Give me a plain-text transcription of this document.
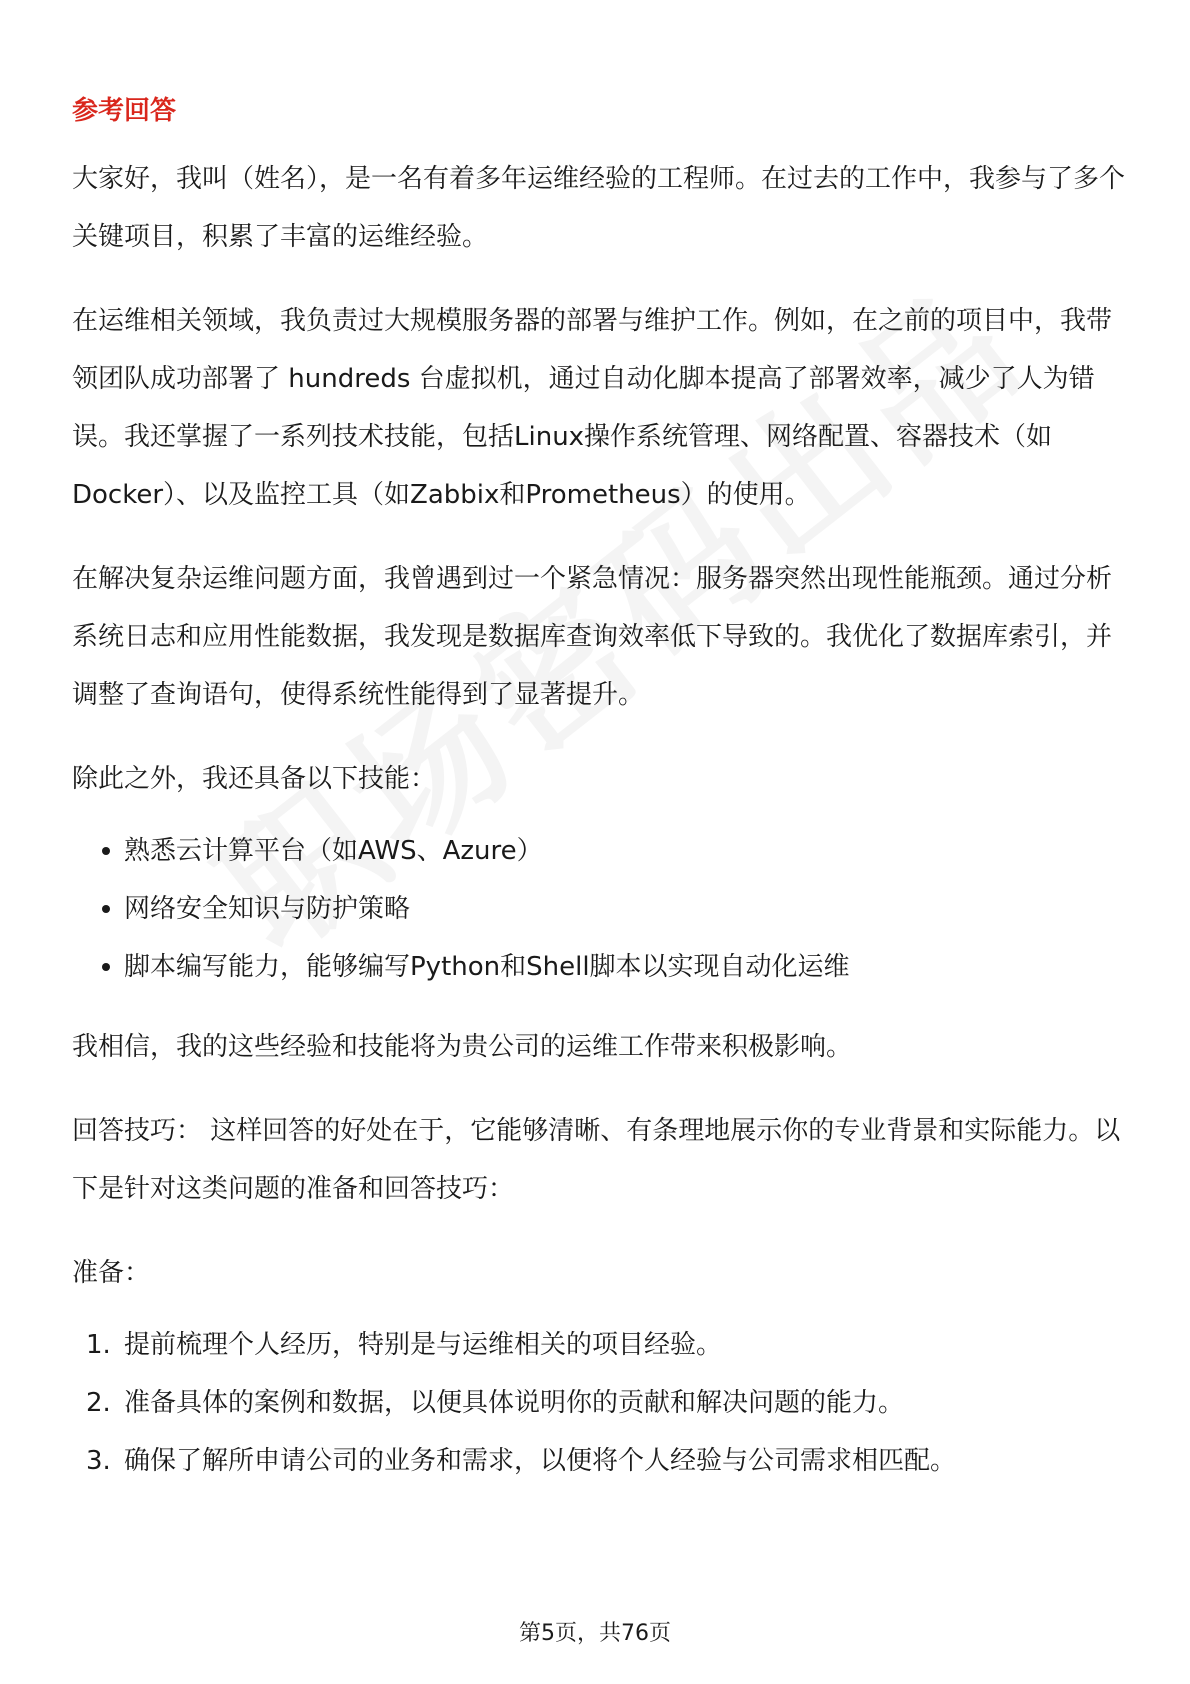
参考回答

大家好，我叫（姓名），是一名有着多年运维经验的工程师。在过去的工作中，我参与了多个关键项目，积累了丰富的运维经验。

在运维相关领域，我负责过大规模服务器的部署与维护工作。例如，在之前的项目中，我带领团队成功部署了 hundreds 台虚拟机，通过自动化脚本提高了部署效率，减少了人为错误。我还掌握了一系列技术技能，包括Linux操作系统管理、网络配置、容器技术（如Docker）、以及监控工具（如Zabbix和Prometheus）的使用。

在解决复杂运维问题方面，我曾遇到过一个紧急情况：服务器突然出现性能瓶颈。通过分析系统日志和应用性能数据，我发现是数据库查询效率低下导致的。我优化了数据库索引，并调整了查询语句，使得系统性能得到了显著提升。

除此之外，我还具备以下技能：

熟悉云计算平台（如AWS、Azure）
网络安全知识与防护策略
脚本编写能力，能够编写Python和Shell脚本以实现自动化运维

我相信，我的这些经验和技能将为贵公司的运维工作带来积极影响。

回答技巧： 这样回答的好处在于，它能够清晰、有条理地展示你的专业背景和实际能力。以下是针对这类问题的准备和回答技巧：

准备：

1. 提前梳理个人经历，特别是与运维相关的项目经验。
2. 准备具体的案例和数据，以便具体说明你的贡献和解决问题的能力。
3. 确保了解所申请公司的业务和需求，以便将个人经验与公司需求相匹配。
第5页，共76页
